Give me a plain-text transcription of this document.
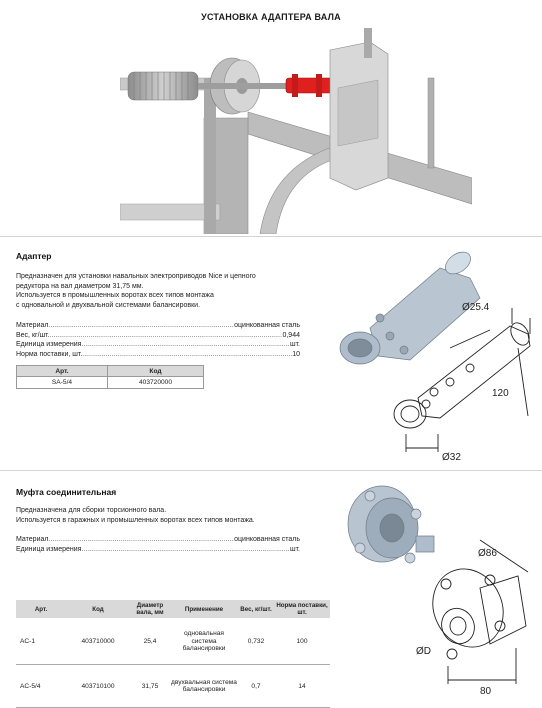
УСТАНОВКА АДАПТЕРА ВАЛА
Адаптер
Предназначен для установки навальных электроприводов Nice и цепного
редуктора на вал диаметром 31,75 мм.
Используется в промышленных воротах всех типов монтажа
с одновальной и двухвальной системами балансировки.
Материал .....	оцинкованная сталь
Вес, кг/шт. .....	0,944
Единица измерения .....	шт.
Норма поставки, шт. .....	10
Арт.	Код
SA-5/4	403720000
Ø25.4
120
Ø32
Муфта соединительная
Предназначена для сборки торсионного вала.
Используется в гаражных и промышленных воротах всех типов монтажа.
Материал .....	оцинкованная сталь
Единица измерения .....	шт.
Арт.	Код	Диаметр вала, мм	Применение	Вес, кг/шт.	Норма поставки, шт.
AC-1	403710000	25,4	одновальная система балансировки	0,732	100
AC-5/4	403710100	31,75	двухвальная система балансировки	0,7	14
Ø86
ØD
80
